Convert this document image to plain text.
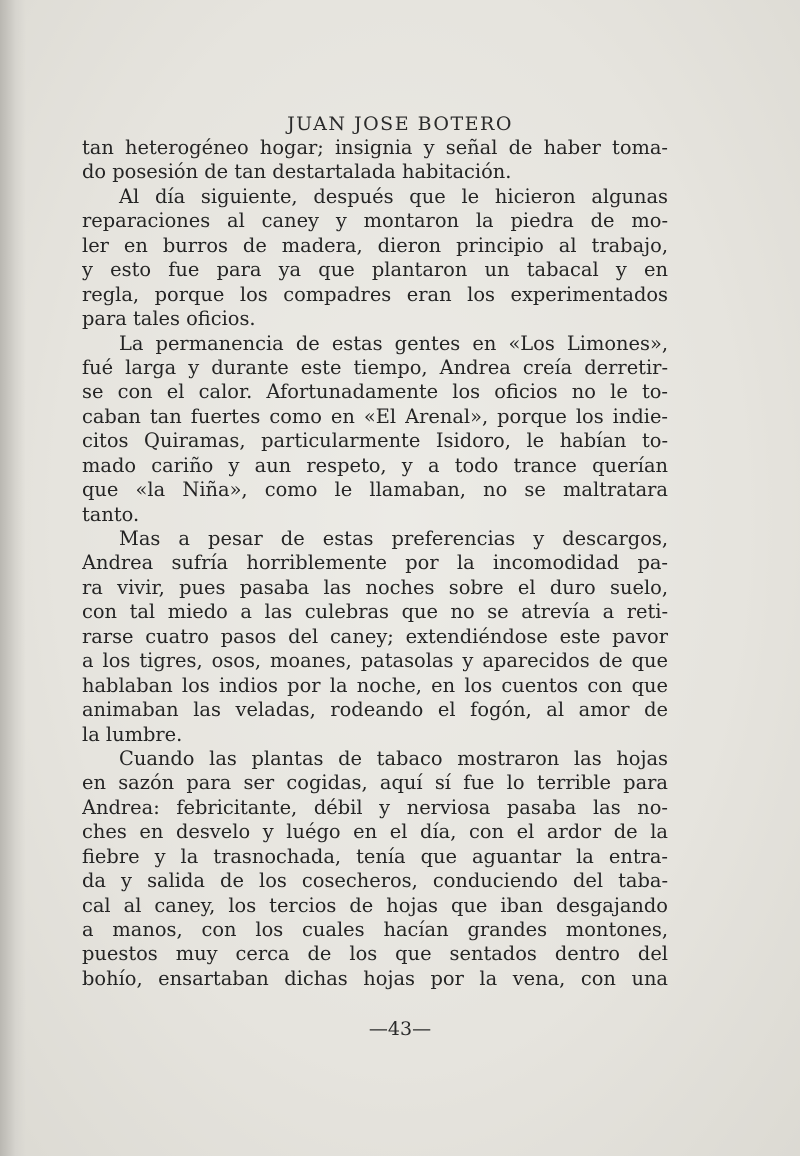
JUAN JOSE BOTERO
tan heterogéneo hogar; insignia y señal de haber toma-
do posesión de tan destartalada habitación.
Al día siguiente, después que le hicieron algunas
reparaciones al caney y montaron la piedra de mo-
ler en burros de madera, dieron principio al trabajo,
y esto fue para ya que plantaron un tabacal y en
regla, porque los compadres eran los experimentados
para tales oficios.
La permanencia de estas gentes en «Los Limones»,
fué larga y durante este tiempo, Andrea creía derretir-
se con el calor. Afortunadamente los oficios no le to-
caban tan fuertes como en «El Arenal», porque los indie-
citos Quiramas, particularmente Isidoro, le habían to-
mado cariño y aun respeto, y a todo trance querían
que «la Niña», como le llamaban, no se maltratara
tanto.
Mas a pesar de estas preferencias y descargos,
Andrea sufría horriblemente por la incomodidad pa-
ra vivir, pues pasaba las noches sobre el duro suelo,
con tal miedo a las culebras que no se atrevía a reti-
rarse cuatro pasos del caney; extendiéndose este pavor
a los tigres, osos, moanes, patasolas y aparecidos de que
hablaban los indios por la noche, en los cuentos con que
animaban las veladas, rodeando el fogón, al amor de
la lumbre.
Cuando las plantas de tabaco mostraron las hojas
en sazón para ser cogidas, aquí sí fue lo terrible para
Andrea: febricitante, débil y nerviosa pasaba las no-
ches en desvelo y luégo en el día, con el ardor de la
fiebre y la trasnochada, tenía que aguantar la entra-
da y salida de los cosecheros, conduciendo del taba-
cal al caney, los tercios de hojas que iban desgajando
a manos, con los cuales hacían grandes montones,
puestos muy cerca de los que sentados dentro del
bohío, ensartaban dichas hojas por la vena, con una
—43—
